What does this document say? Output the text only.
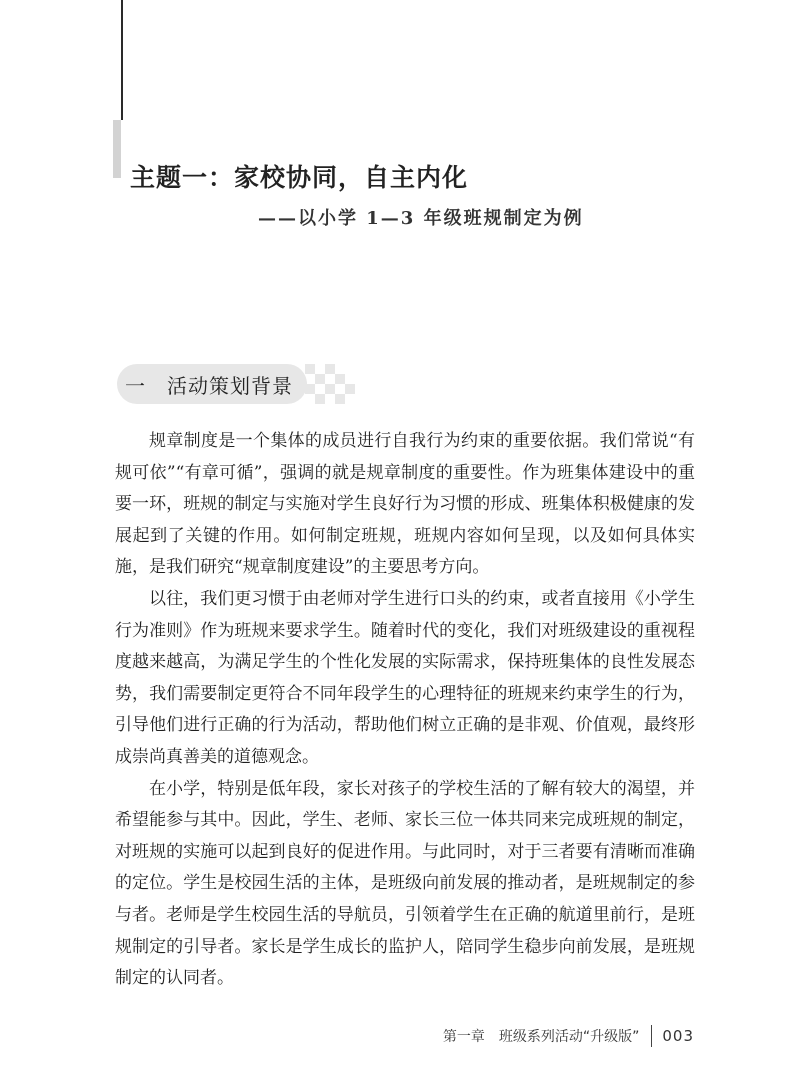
主题一：家校协同，自主内化
——以小学 1—3 年级班规制定为例
一 活动策划背景

规章制度是一个集体的成员进行自我行为约束的重要依据。我们常说“有规可依”“有章可循”，强调的就是规章制度的重要性。作为班集体建设中的重要一环，班规的制定与实施对学生良好行为习惯的形成、班集体积极健康的发展起到了关键的作用。如何制定班规，班规内容如何呈现，以及如何具体实施，是我们研究“规章制度建设”的主要思考方向。

以往，我们更习惯于由老师对学生进行口头的约束，或者直接用《小学生行为准则》作为班规来要求学生。随着时代的变化，我们对班级建设的重视程度越来越高，为满足学生的个性化发展的实际需求，保持班集体的良性发展态势，我们需要制定更符合不同年段学生的心理特征的班规来约束学生的行为，引导他们进行正确的行为活动，帮助他们树立正确的是非观、价值观，最终形成崇尚真善美的道德观念。

在小学，特别是低年段，家长对孩子的学校生活的了解有较大的渴望，并希望能参与其中。因此，学生、老师、家长三位一体共同来完成班规的制定，对班规的实施可以起到良好的促进作用。与此同时，对于三者要有清晰而准确的定位。学生是校园生活的主体，是班级向前发展的推动者，是班规制定的参与者。老师是学生校园生活的导航员，引领着学生在正确的航道里前行，是班规制定的引导者。家长是学生成长的监护人，陪同学生稳步向前发展，是班规制定的认同者。

第一章　班级系列活动“升级版” 003
